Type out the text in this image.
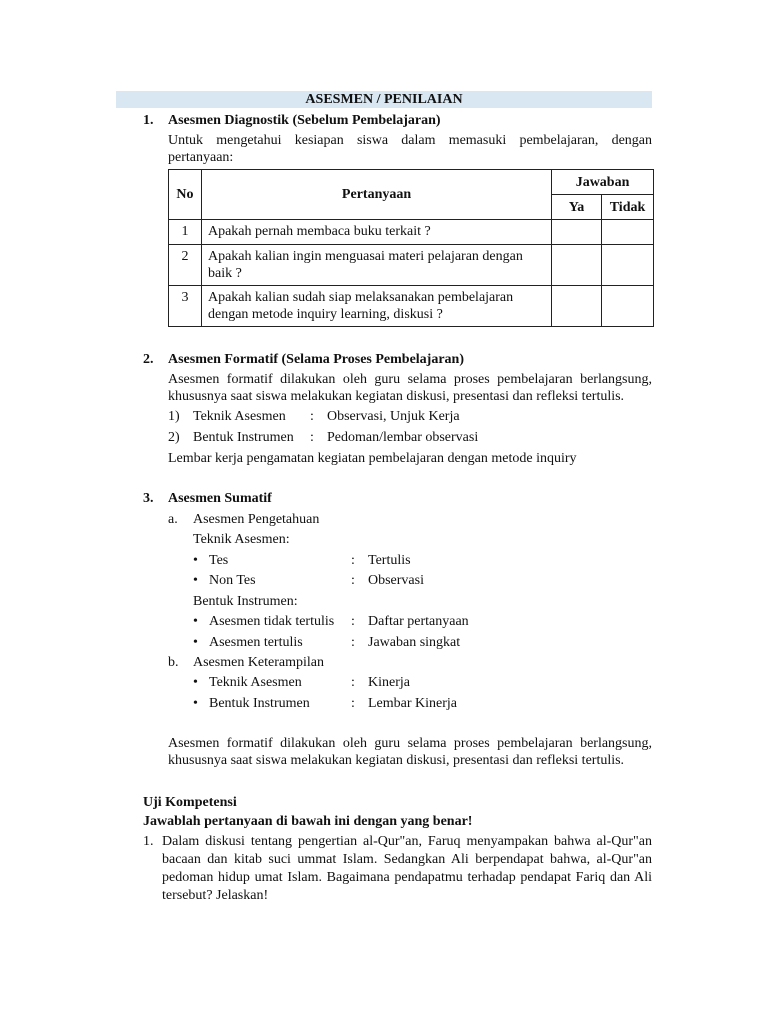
ASESMEN / PENILAIAN
1. Asesmen Diagnostik (Sebelum Pembelajaran)
Untuk mengetahui kesiapan siswa dalam memasuki pembelajaran, dengan pertanyaan:
No	Pertanyaan	Jawaban	
		Ya	Tidak
1	Apakah pernah membaca buku terkait ?		
2	Apakah kalian ingin menguasai materi pelajaran dengan baik ?		
3	Apakah kalian sudah siap melaksanakan pembelajaran dengan metode inquiry learning, diskusi ?		
2. Asesmen Formatif (Selama Proses Pembelajaran)
Asesmen formatif dilakukan oleh guru selama proses pembelajaran berlangsung, khususnya saat siswa melakukan kegiatan diskusi, presentasi dan refleksi tertulis.
1) Teknik Asesmen : Observasi, Unjuk Kerja
2) Bentuk Instrumen : Pedoman/lembar observasi
Lembar kerja pengamatan kegiatan pembelajaran dengan metode inquiry
3. Asesmen Sumatif
a. Asesmen Pengetahuan
Teknik Asesmen:
• Tes	: Tertulis
• Non Tes	: Observasi
Bentuk Instrumen:
• Asesmen tidak tertulis : Daftar pertanyaan
• Asesmen tertulis	: Jawaban singkat
b. Asesmen Keterampilan
• Teknik Asesmen	: Kinerja
• Bentuk Instrumen	: Lembar Kinerja
Asesmen formatif dilakukan oleh guru selama proses pembelajaran berlangsung, khususnya saat siswa melakukan kegiatan diskusi, presentasi dan refleksi tertulis.
Uji Kompetensi
Jawablah pertanyaan di bawah ini dengan yang benar!
1. Dalam diskusi tentang pengertian al-Qur"an, Faruq menyampakan bahwa al-Qur"an bacaan dan kitab suci ummat Islam. Sedangkan Ali berpendapat bahwa, al-Qur"an pedoman hidup umat Islam. Bagaimana pendapatmu terhadap pendapat Fariq dan Ali tersebut? Jelaskan!
